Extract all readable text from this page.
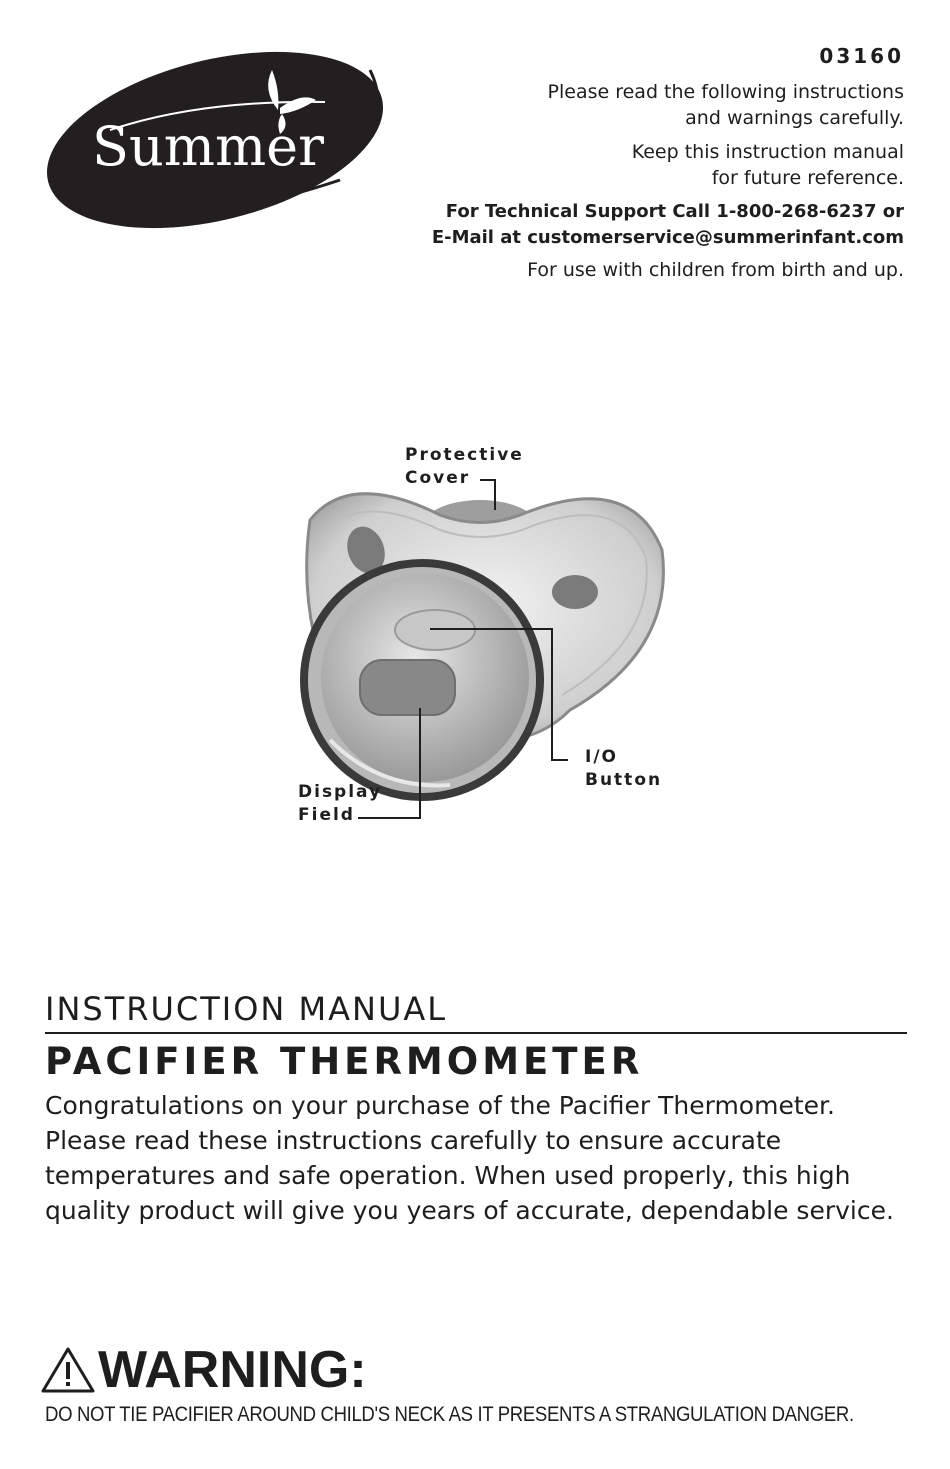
Summer
03160
Please read the following instructions
and warnings carefully.
Keep this instruction manual
for future reference.
For Technical Support Call 1-800-268-6237 or
E-Mail at customerservice@summerinfant.com
For use with children from birth and up.
Protective
Cover
I/O
Button
Display
Field
INSTRUCTION MANUAL
PACIFIER THERMOMETER
Congratulations on your purchase of the Pacifier Thermometer.
Please read these instructions carefully to ensure accurate
temperatures and safe operation. When used properly, this high
quality product will give you years of accurate, dependable service.
WARNING:
DO NOT TIE PACIFIER AROUND CHILD'S NECK AS IT PRESENTS A STRANGULATION DANGER.
